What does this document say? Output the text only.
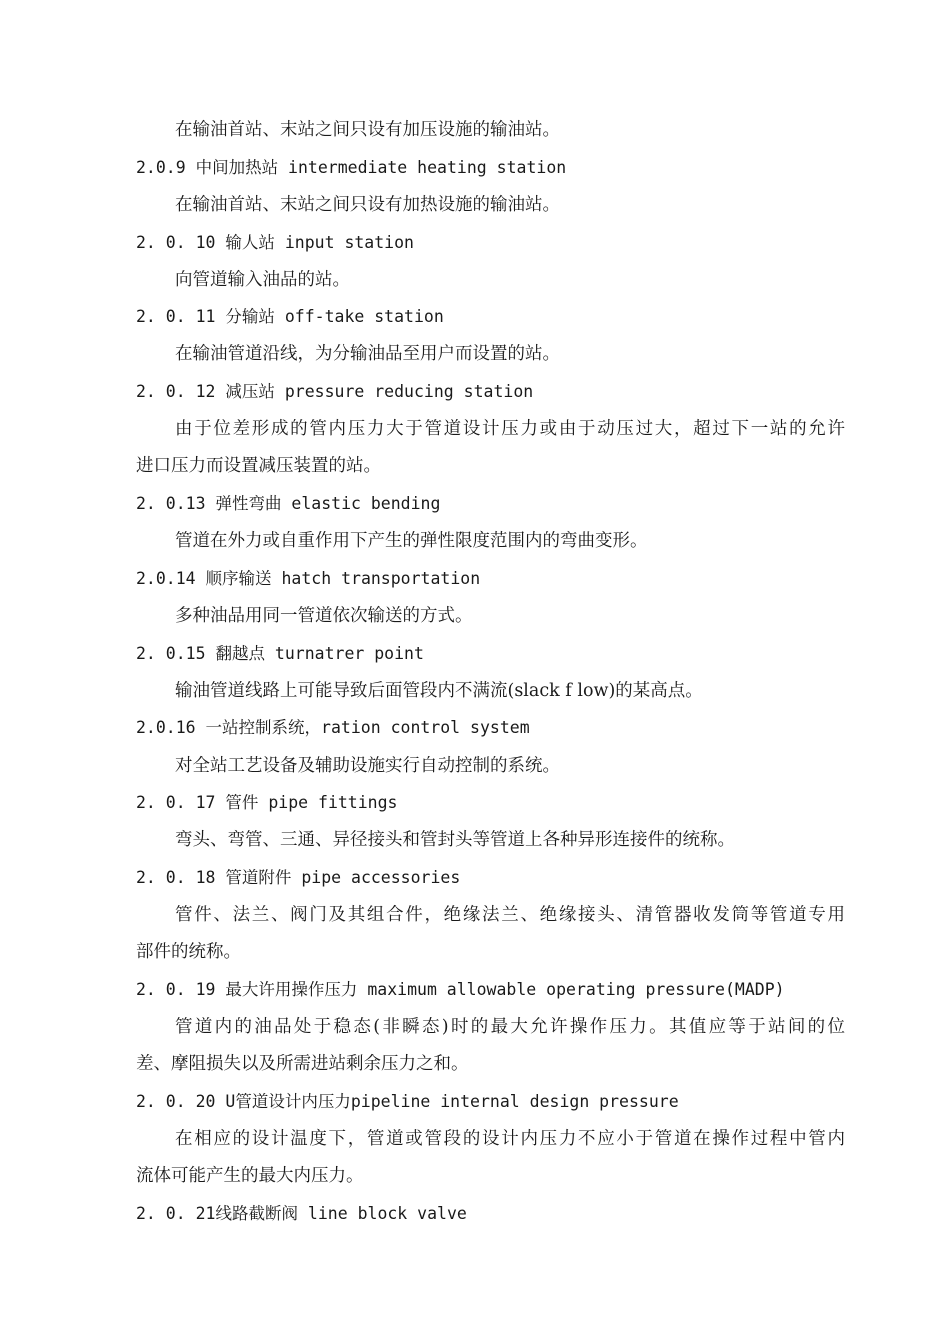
在输油首站、末站之间只设有加压设施的输油站。
2.0.9 中间加热站 intermediate heating station
在输油首站、末站之间只设有加热设施的输油站。
2. 0. 10 输人站 input station
向管道输入油品的站。
2. 0. 11 分输站 off-take station
在输油管道沿线，为分输油品至用户而设置的站。
2. 0. 12 减压站 pressure reducing station
由于位差形成的管内压力大于管道设计压力或由于动压过大，超过下一站的允许
进口压力而设置减压装置的站。
2. 0.13 弹性弯曲 elastic bending
管道在外力或自重作用下产生的弹性限度范围内的弯曲变形。
2.0.14 顺序输送 hatch transportation
多种油品用同一管道依次输送的方式。
2. 0.15 翻越点 turnatrer point
输油管道线路上可能导致后面管段内不满流(slack f low)的某高点。
2.0.16 一站控制系统，ration control system
对全站工艺设备及辅助设施实行自动控制的系统。
2. 0. 17 管件 pipe fittings
弯头、弯管、三通、异径接头和管封头等管道上各种异形连接件的统称。
2. 0. 18 管道附件 pipe accessories
管件、法兰、阀门及其组合件，绝缘法兰、绝缘接头、清管器收发筒等管道专用
部件的统称。
2. 0. 19 最大许用操作压力 maximum allowable operating pressure(MADP)
管道内的油品处于稳态(非瞬态)时的最大允许操作压力。其值应等于站间的位
差、摩阻损失以及所需进站剩余压力之和。
2. 0. 20 U管道设计内压力pipeline internal design pressure
在相应的设计温度下，管道或管段的设计内压力不应小于管道在操作过程中管内
流体可能产生的最大内压力。
2. 0. 21线路截断阀 line block valve
